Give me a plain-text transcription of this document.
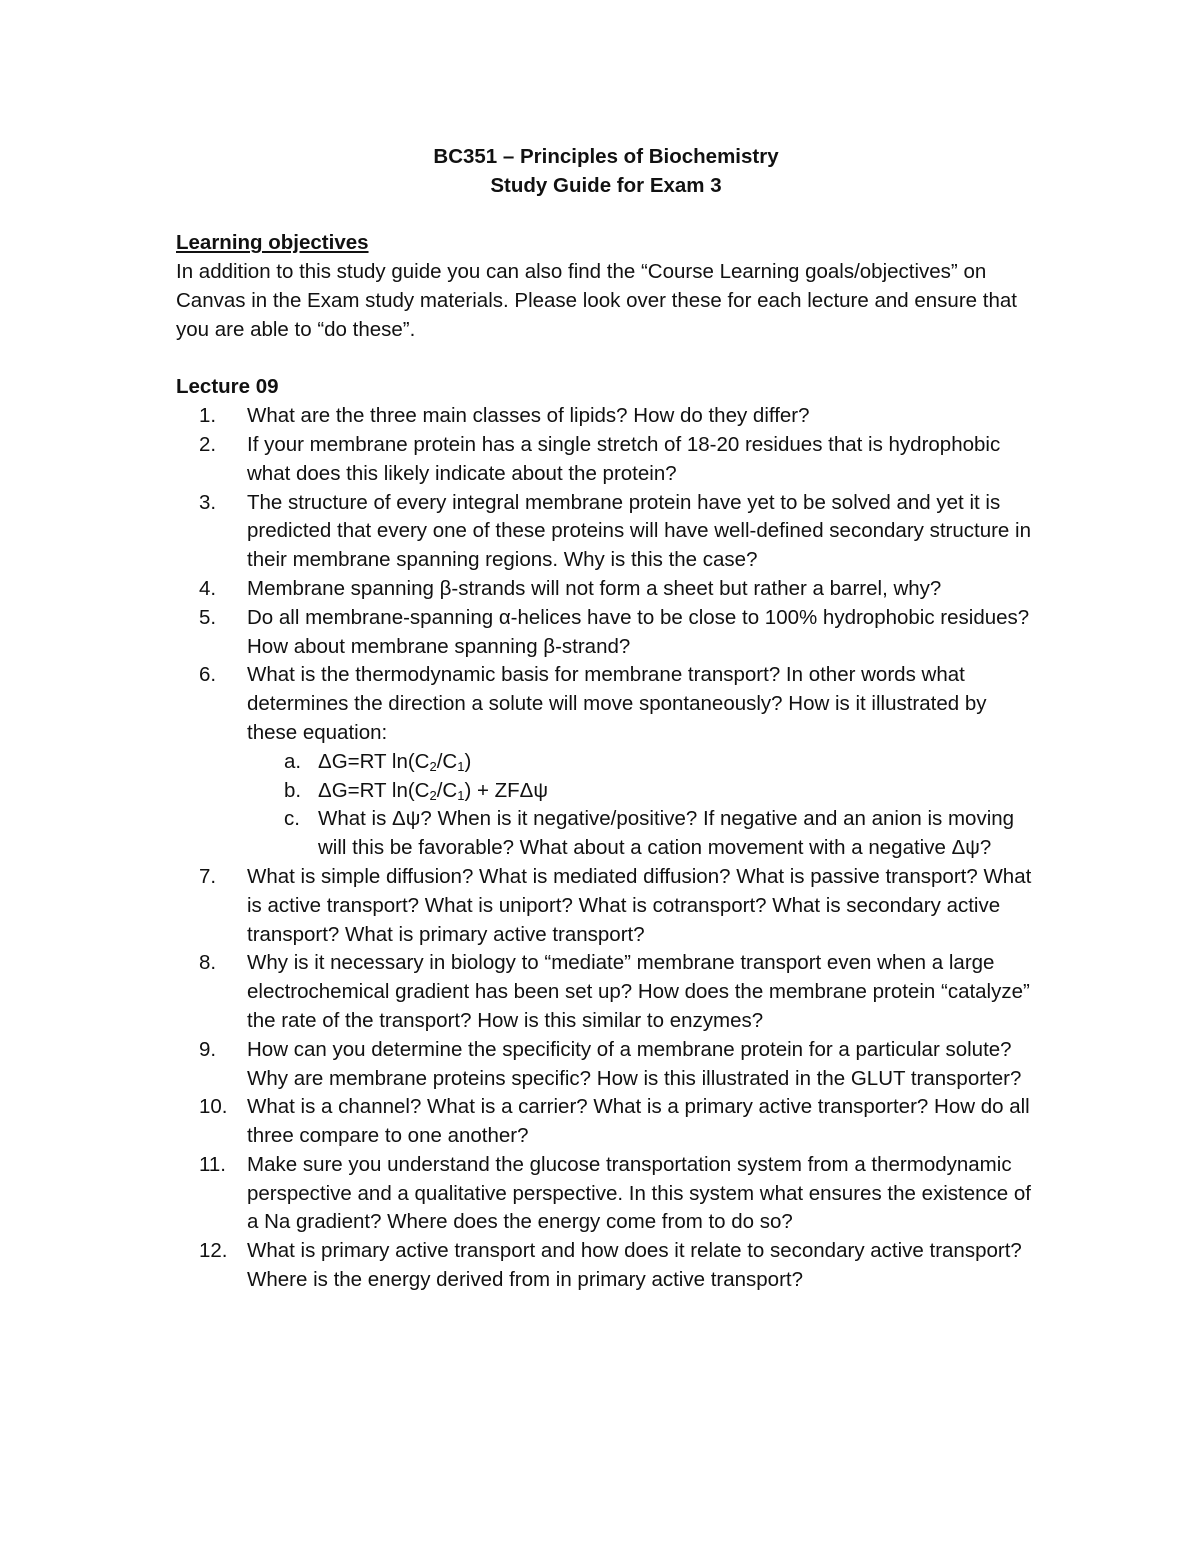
BC351 – Principles of Biochemistry
Study Guide for Exam 3
Learning objectives
In addition to this study guide you can also find the “Course Learning goals/objectives” on Canvas in the Exam study materials. Please look over these for each lecture and ensure that you are able to “do these”.
Lecture 09
1.	What are the three main classes of lipids? How do they differ?
2.	If your membrane protein has a single stretch of 18-20 residues that is hydrophobic what does this likely indicate about the protein?
3.	The structure of every integral membrane protein have yet to be solved and yet it is predicted that every one of these proteins will have well-defined secondary structure in their membrane spanning regions. Why is this the case?
4.	Membrane spanning β-strands will not form a sheet but rather a barrel, why?
5.	Do all membrane-spanning α-helices have to be close to 100% hydrophobic residues? How about membrane spanning β-strand?
6.	What is the thermodynamic basis for membrane transport? In other words what determines the direction a solute will move spontaneously? How is it illustrated by these equation:
a. ΔG=RT $\ln(C_2/C_1)$
b. ΔG=RT $\ln(C_2/C_1) + ZF\Delta\psi$
c. What is Δψ? When is it negative/positive? If negative and an anion is moving will this be favorable? What about a cation movement with a negative Δψ?
7.	What is simple diffusion? What is mediated diffusion? What is passive transport? What is active transport? What is uniport? What is cotransport? What is secondary active transport? What is primary active transport?
8.	Why is it necessary in biology to “mediate” membrane transport even when a large electrochemical gradient has been set up? How does the membrane protein “catalyze” the rate of the transport? How is this similar to enzymes?
9.	How can you determine the specificity of a membrane protein for a particular solute? Why are membrane proteins specific? How is this illustrated in the GLUT transporter?
10. What is a channel? What is a carrier? What is a primary active transporter? How do all three compare to one another?
11.	Make sure you understand the glucose transportation system from a thermodynamic perspective and a qualitative perspective. In this system what ensures the existence of a Na gradient? Where does the energy come from to do so?
12. What is primary active transport and how does it relate to secondary active transport? Where is the energy derived from in primary active transport?
